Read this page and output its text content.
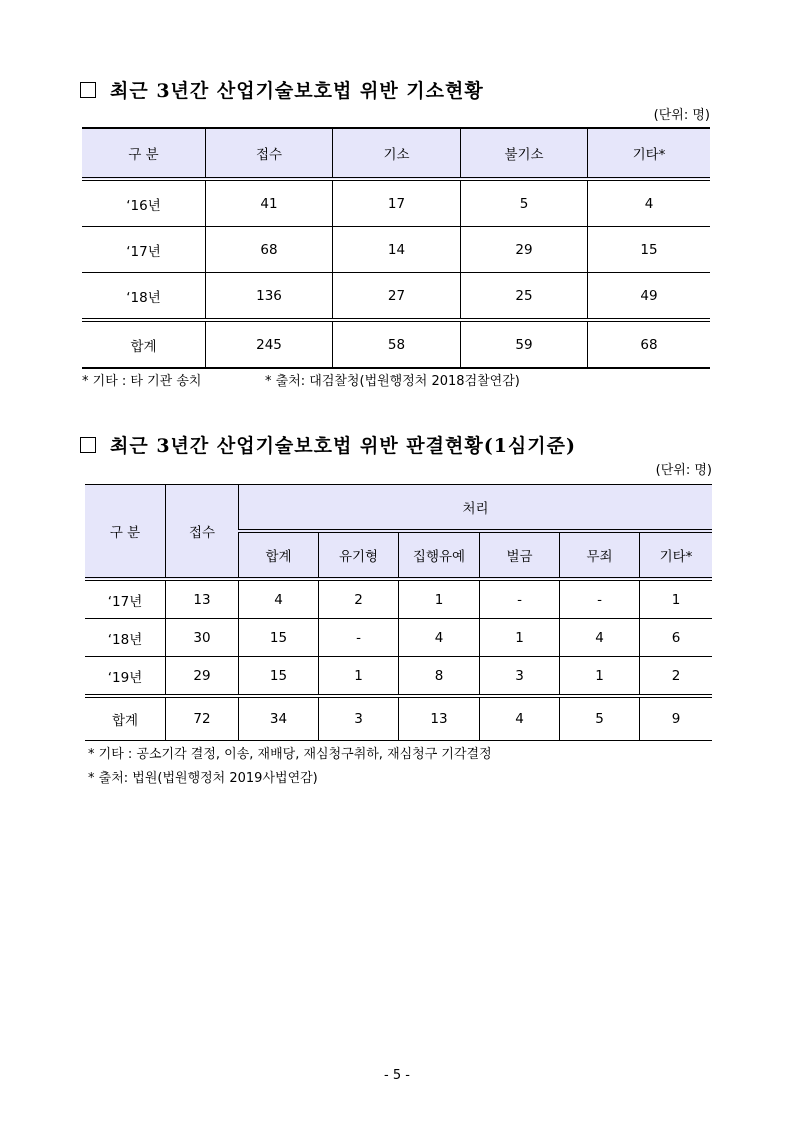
최근 3년간 산업기술보호법 위반 기소현황
(단위: 명)
구 분	접수	기소	불기소	기타*
‘16년	41	17	5	4
‘17년	68	14	29	15
‘18년	136	27	25	49
합계	245	58	59	68
* 기타 : 타 기관 송치	* 출처: 대검찰청(법원행정처 2018검찰연감)
최근 3년간 산업기술보호법 위반 판결현황(1심기준)
(단위: 명)
구 분	접수	처리					
		합계	유기형	집행유예	벌금	무죄	기타*
‘17년	13	4	2	1	-	-	1
‘18년	30	15	-	4	1	4	6
‘19년	29	15	1	8	3	1	2
합계	72	34	3	13	4	5	9
* 기타 : 공소기각 결정, 이송, 재배당, 재심청구취하, 재심청구 기각결정
* 출처: 법원(법원행정처 2019사법연감)
- 5 -
